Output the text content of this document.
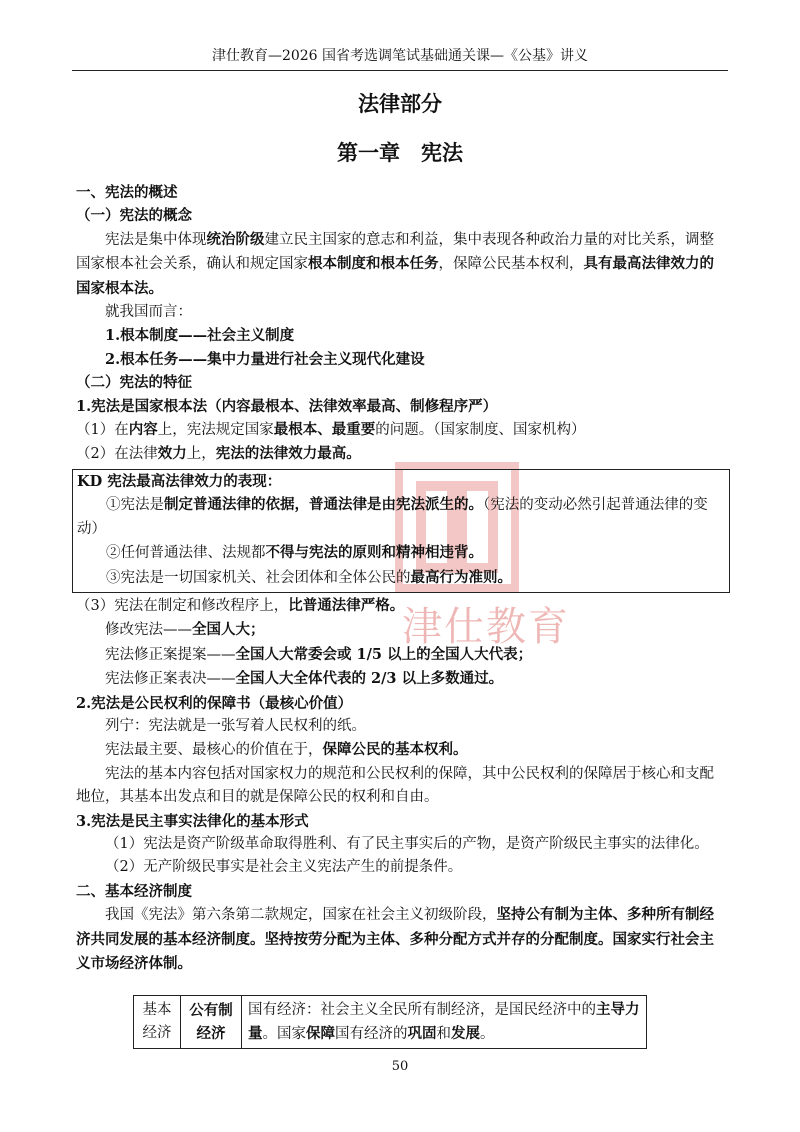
津仕教育—2026 国省考选调笔试基础通关课—《公基》讲义
法律部分
第一章　宪法
津仕教育

一、宪法的概述

（一）宪法的概念

宪法是集中体现统治阶级建立民主国家的意志和利益，集中表现各种政治力量的对比关系，调整国家根本社会关系，确认和规定国家根本制度和根本任务，保障公民基本权利，具有最高法律效力的国家根本法。

就我国而言：

1.根本制度——社会主义制度

2.根本任务——集中力量进行社会主义现代化建设

（二）宪法的特征

1.宪法是国家根本法（内容最根本、法律效率最高、制修程序严）

（1）在内容上，宪法规定国家最根本、最重要的问题。（国家制度、国家机构）

（2）在法律效力上，宪法的法律效力最高。

KD 宪法最高法律效力的表现：

①宪法是制定普通法律的依据，普通法律是由宪法派生的。（宪法的变动必然引起普通法律的变动）

②任何普通法律、法规都不得与宪法的原则和精神相违背。

③宪法是一切国家机关、社会团体和全体公民的最高行为准则。

（3）宪法在制定和修改程序上，比普通法律严格。

修改宪法——全国人大；

宪法修正案提案——全国人大常委会或 1/5 以上的全国人大代表；

宪法修正案表决——全国人大全体代表的 2/3 以上多数通过。

2.宪法是公民权利的保障书（最核心价值）

列宁：宪法就是一张写着人民权利的纸。

宪法最主要、最核心的价值在于，保障公民的基本权利。

宪法的基本内容包括对国家权力的规范和公民权利的保障，其中公民权利的保障居于核心和支配地位，其基本出发点和目的就是保障公民的权利和自由。

3.宪法是民主事实法律化的基本形式

（1）宪法是资产阶级革命取得胜利、有了民主事实后的产物，是资产阶级民主事实的法律化。

（2）无产阶级民事实是社会主义宪法产生的前提条件。

二、基本经济制度

我国《宪法》第六条第二款规定，国家在社会主义初级阶段，坚持公有制为主体、多种所有制经济共同发展的基本经济制度。坚持按劳分配为主体、多种分配方式并存的分配制度。国家实行社会主义市场经济体制。

基本经济	公有制经济	国有经济：社会主义全民所有制经济，是国民经济中的主导力量。国家保障国有经济的巩固和发展。
50
